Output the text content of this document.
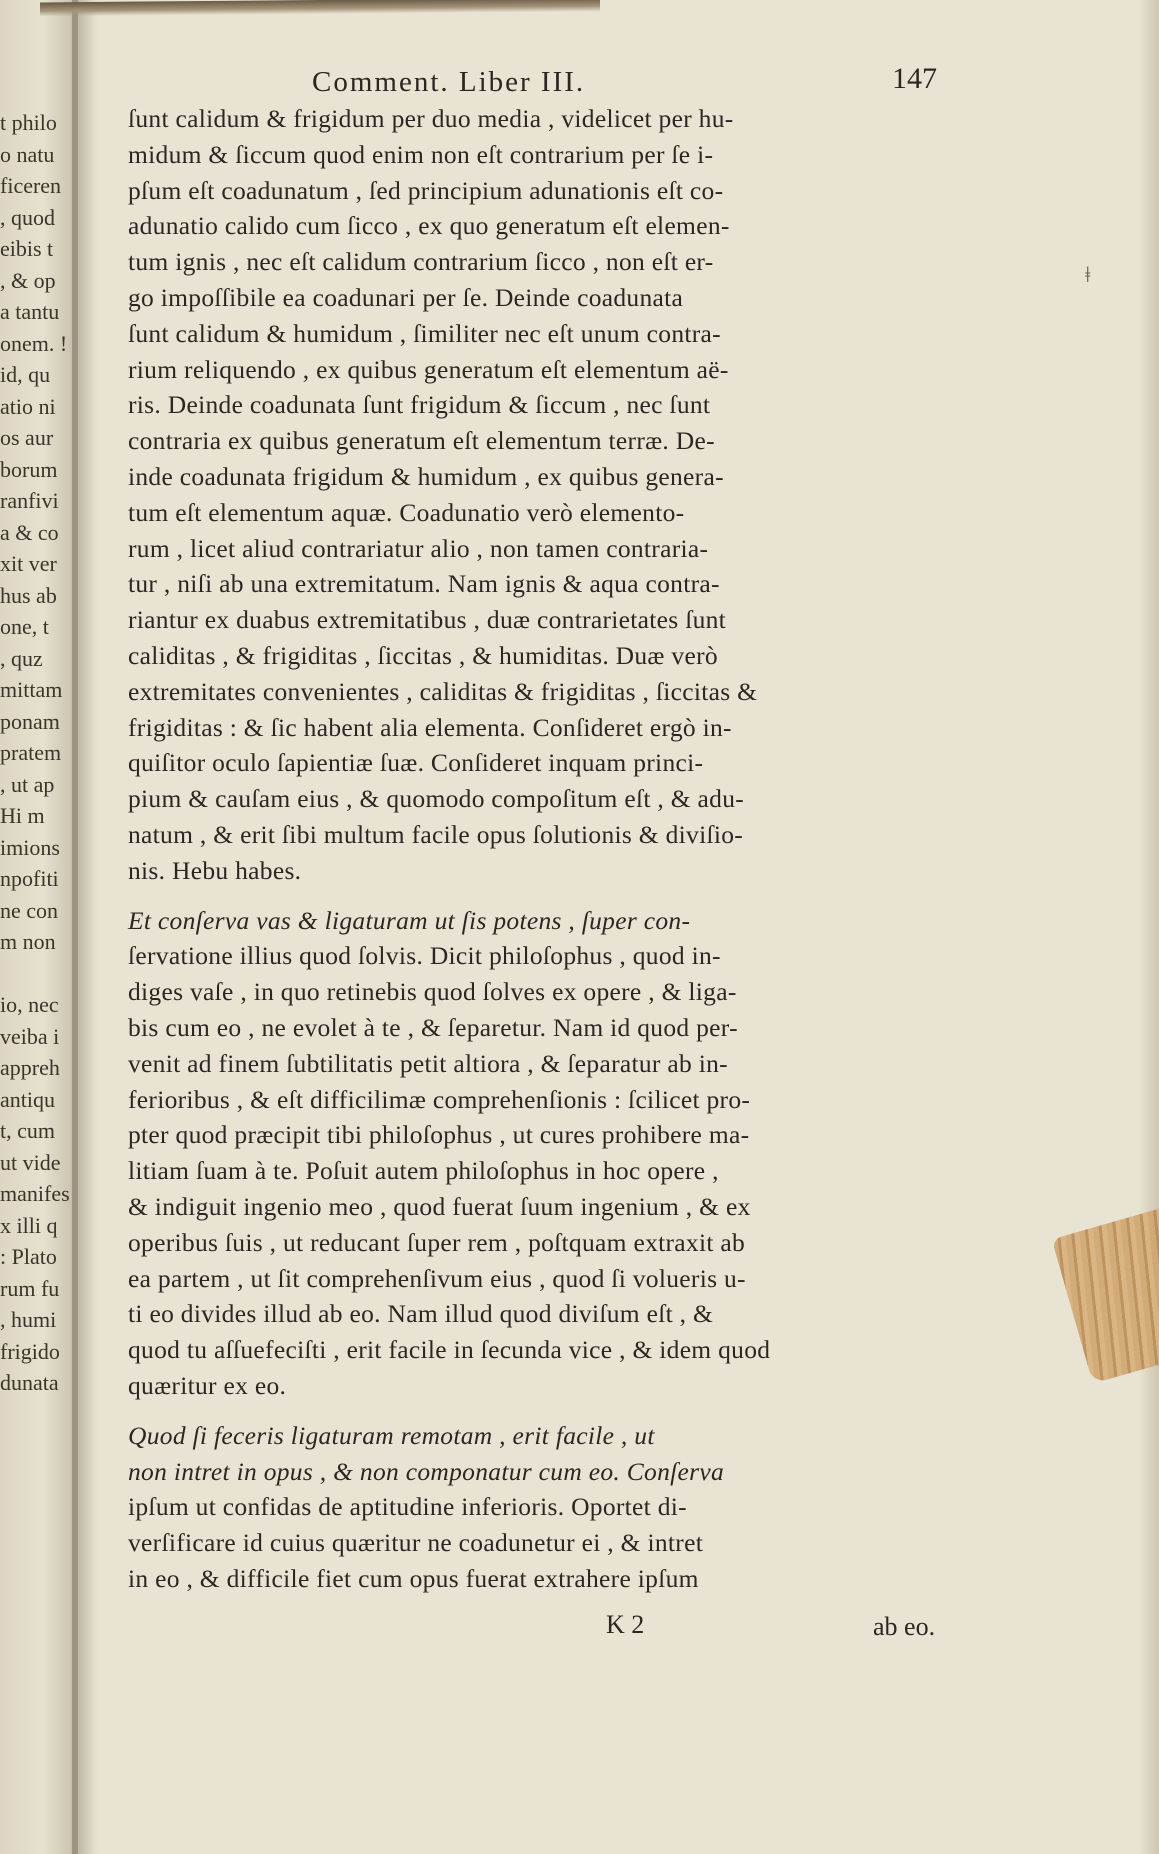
ǂ
t philo
o natu
ficeren
, quod
eibis t
, & op
a tantu
onem. !
id, qu
atio ni
os aur
borum
ranfivi
a & co
xit ver
hus ab
one, t
, quz
mittam
ponam
pratem
, ut ap
Hi m
imions
npofiti
ne con
m non
io, nec
veiba i
appreh
antiqu
t, cum
ut vide
manifes
x illi q
: Plato
rum fu
, humi
frigido
dunata
Comment. Liber III.	147
ſunt calidum & frigidum per duo media , videlicet per hu-
midum & ſiccum quod enim non eſt contrarium per ſe i-
pſum eſt coadunatum , ſed principium adunationis eſt co-
adunatio calido cum ſicco , ex quo generatum eſt elemen-
tum ignis , nec eſt calidum contrarium ſicco , non eſt er-
go impoſſibile ea coadunari per ſe. Deinde coadunata
ſunt calidum & humidum , ſimiliter nec eſt unum contra-
rium reliquendo , ex quibus generatum eſt elementum aë-
ris. Deinde coadunata ſunt frigidum & ſiccum , nec ſunt
contraria ex quibus generatum eſt elementum terræ. De-
inde coadunata frigidum & humidum , ex quibus genera-
tum eſt elementum aquæ. Coadunatio verò elemento-
rum , licet aliud contrariatur alio , non tamen contraria-
tur , niſi ab una extremitatum. Nam ignis & aqua contra-
riantur ex duabus extremitatibus , duæ contrarietates ſunt
caliditas , & frigiditas , ſiccitas , & humiditas. Duæ verò
extremitates convenientes , caliditas & frigiditas , ſiccitas &
frigiditas : & ſic habent alia elementa. Conſideret ergò in-
quiſitor oculo ſapientiæ ſuæ. Conſideret inquam princi-
pium & cauſam eius , & quomodo compoſitum eſt , & adu-
natum , & erit ſibi multum facile opus ſolutionis & diviſio-
nis. Hebu habes.
Et conſerva vas & ligaturam ut ſis potens , ſuper con-
ſervatione illius quod ſolvis. Dicit philoſophus , quod in-
diges vaſe , in quo retinebis quod ſolves ex opere , & liga-
bis cum eo , ne evolet à te , & ſeparetur. Nam id quod per-
venit ad finem ſubtilitatis petit altiora , & ſeparatur ab in-
ferioribus , & eſt difficilimæ comprehenſionis : ſcilicet pro-
pter quod præcipit tibi philoſophus , ut cures prohibere ma-
litiam ſuam à te. Poſuit autem philoſophus in hoc opere ,
& indiguit ingenio meo , quod fuerat ſuum ingenium , & ex
operibus ſuis , ut reducant ſuper rem , poſtquam extraxit ab
ea partem , ut ſit comprehenſivum eius , quod ſi volueris u-
ti eo divides illud ab eo. Nam illud quod diviſum eſt , &
quod tu aſſuefeciſti , erit facile in ſecunda vice , & idem quod
quæritur ex eo.
Quod ſi feceris ligaturam remotam , erit facile , ut
non intret in opus , & non componatur cum eo. Conſerva
ipſum ut confidas de aptitudine inferioris. Oportet di-
verſificare id cuius quæritur ne coadunetur ei , & intret
in eo , & difficile fiet cum opus fuerat extrahere ipſum
K 2	ab eo.
